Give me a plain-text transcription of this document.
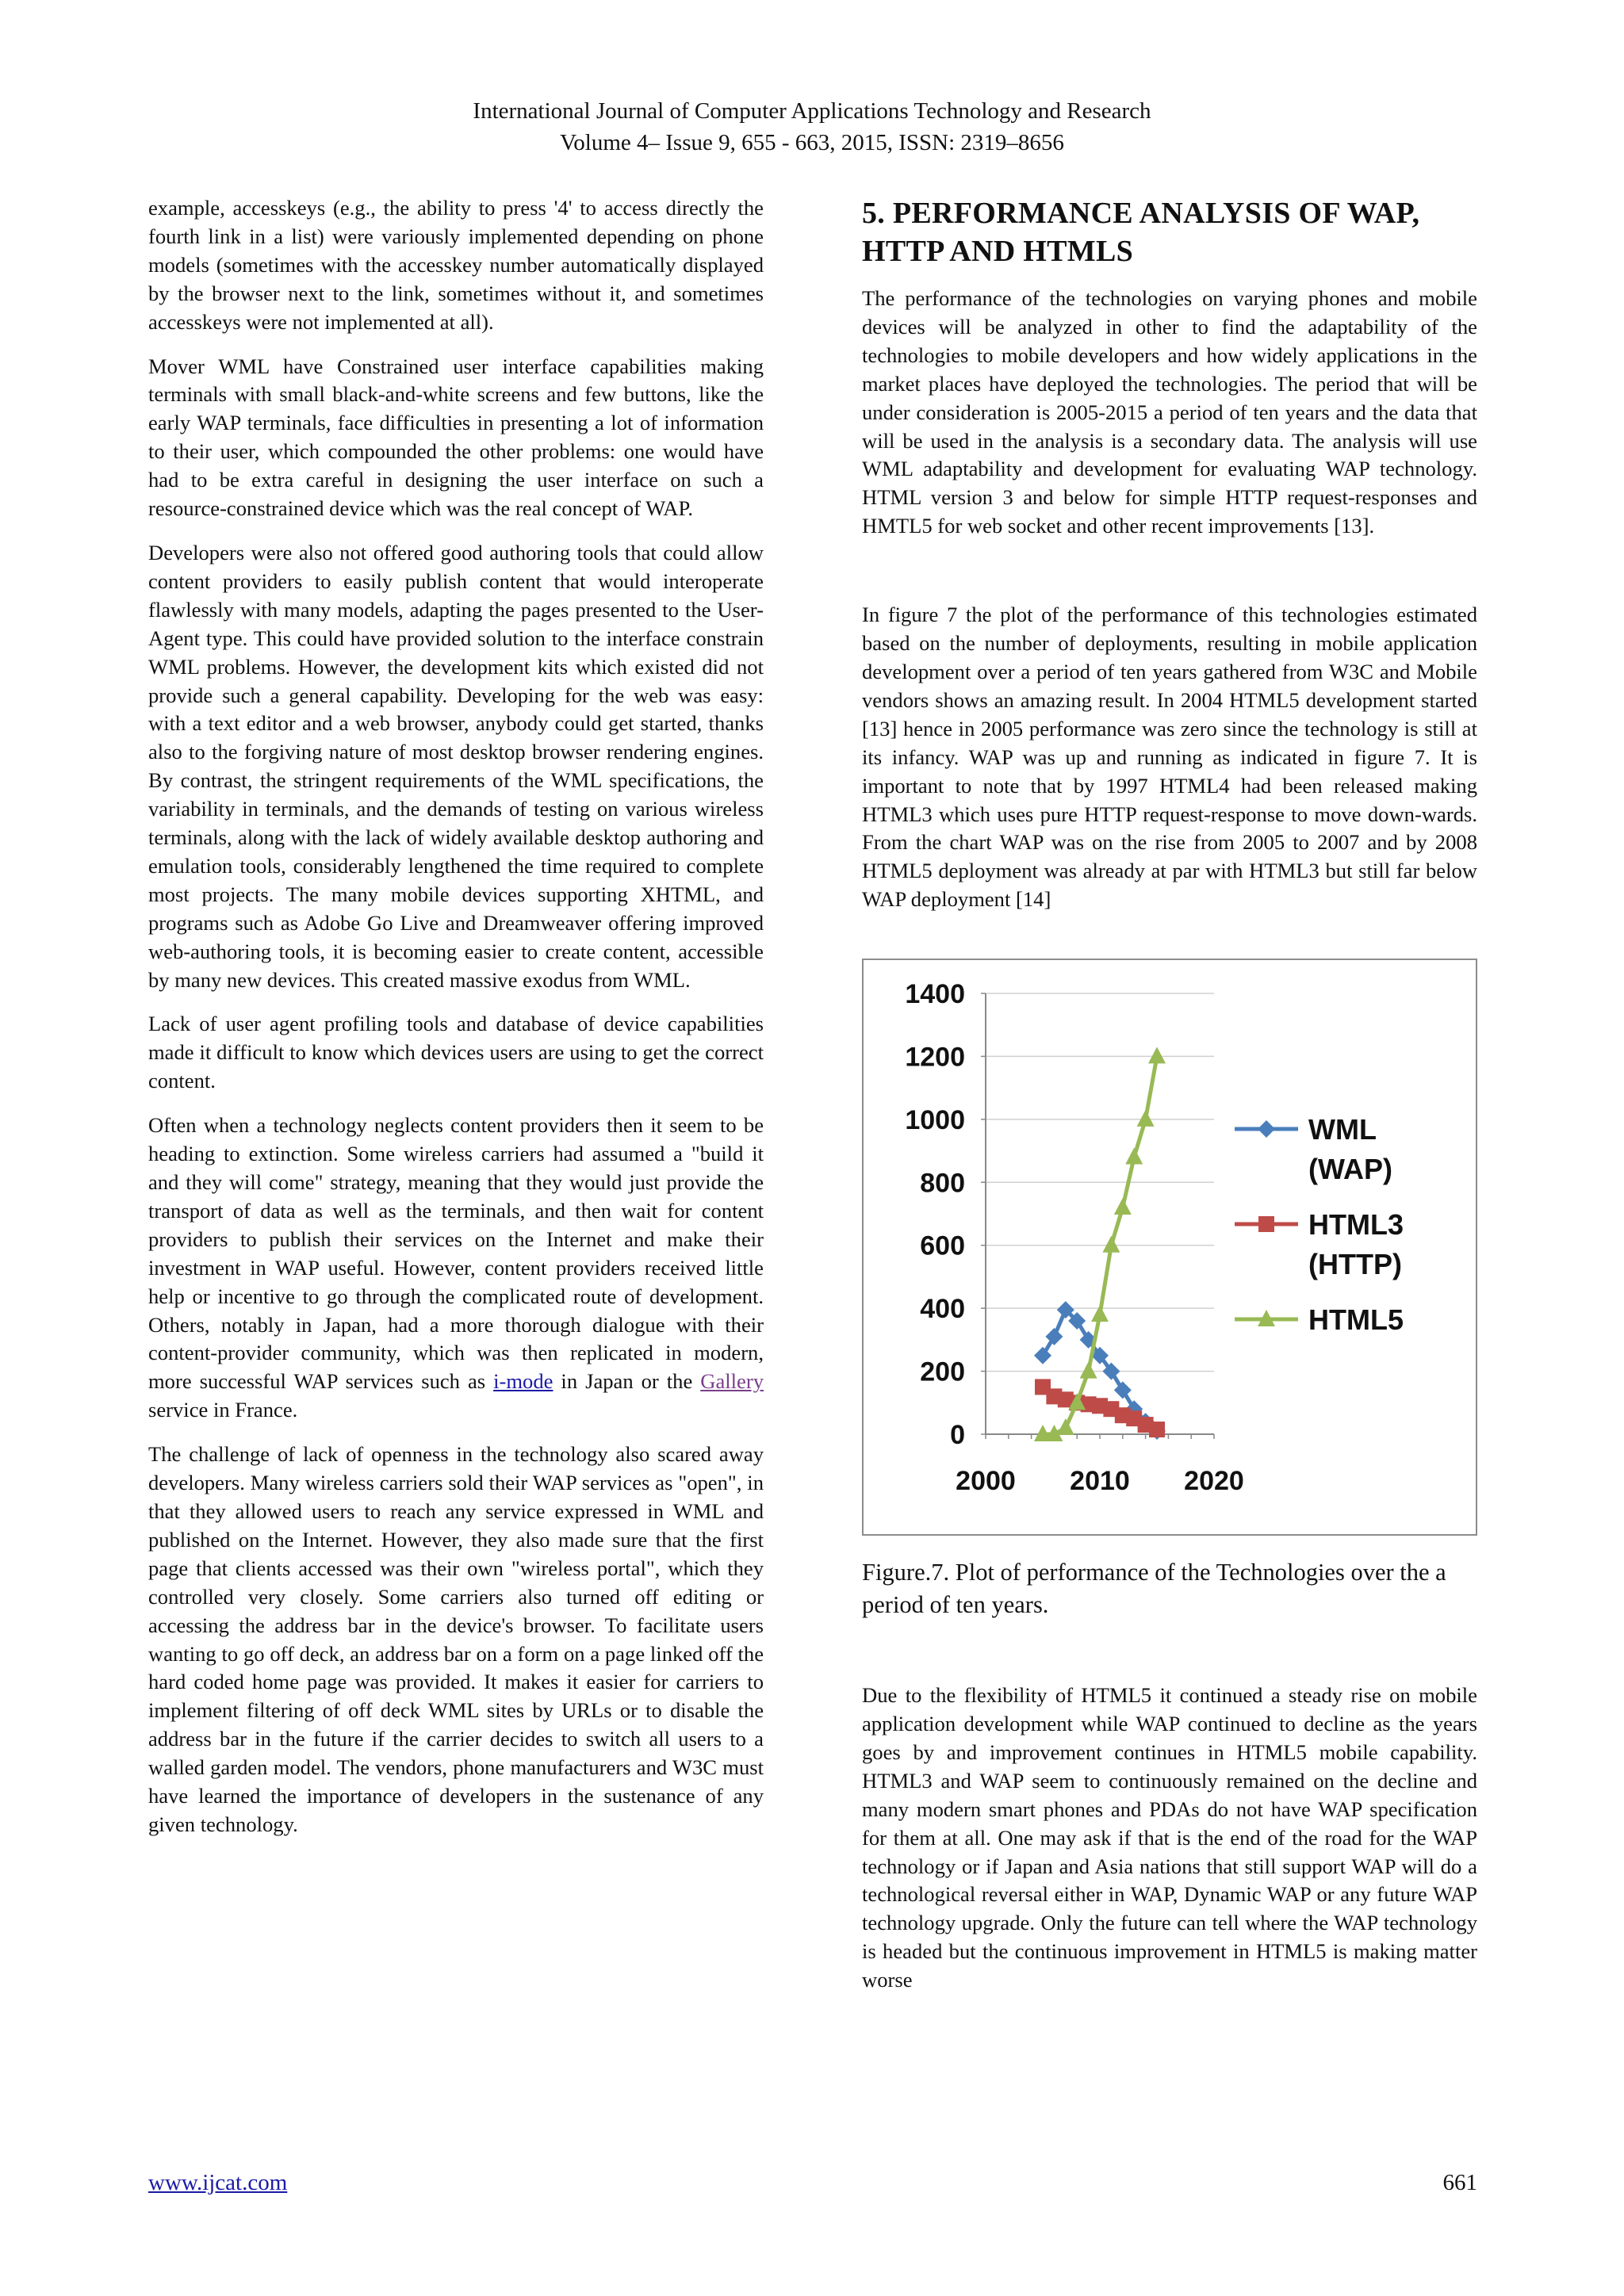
International Journal of Computer Applications Technology and Research
Volume 4– Issue 9, 655 - 663, 2015, ISSN: 2319–8656

example, accesskeys (e.g., the ability to press '4' to access directly the fourth link in a list) were variously implemented depending on phone models (sometimes with the accesskey number automatically displayed by the browser next to the link, sometimes without it, and sometimes accesskeys were not implemented at all).

Mover WML have Constrained user interface capabilities making terminals with small black-and-white screens and few buttons, like the early WAP terminals, face difficulties in presenting a lot of information to their user, which compounded the other problems: one would have had to be extra careful in designing the user interface on such a resource-constrained device which was the real concept of WAP.

Developers were also not offered good authoring tools that could allow content providers to easily publish content that would interoperate flawlessly with many models, adapting the pages presented to the User-Agent type. This could have provided solution to the interface constrain WML problems. However, the development kits which existed did not provide such a general capability. Developing for the web was easy: with a text editor and a web browser, anybody could get started, thanks also to the forgiving nature of most desktop browser rendering engines. By contrast, the stringent requirements of the WML specifications, the variability in terminals, and the demands of testing on various wireless terminals, along with the lack of widely available desktop authoring and emulation tools, considerably lengthened the time required to complete most projects. The many mobile devices supporting XHTML, and programs such as Adobe Go Live and Dreamweaver offering improved web-authoring tools, it is becoming easier to create content, accessible by many new devices. This created massive exodus from WML.

Lack of user agent profiling tools and database of device capabilities made it difficult to know which devices users are using to get the correct content.

Often when a technology neglects content providers then it seem to be heading to extinction. Some wireless carriers had assumed a "build it and they will come" strategy, meaning that they would just provide the transport of data as well as the terminals, and then wait for content providers to publish their services on the Internet and make their investment in WAP useful. However, content providers received little help or incentive to go through the complicated route of development. Others, notably in Japan, had a more thorough dialogue with their content-provider community, which was then replicated in modern, more successful WAP services such as i-mode in Japan or the Gallery service in France.

The challenge of lack of openness in the technology also scared away developers. Many wireless carriers sold their WAP services as "open", in that they allowed users to reach any service expressed in WML and published on the Internet. However, they also made sure that the first page that clients accessed was their own "wireless portal", which they controlled very closely. Some carriers also turned off editing or accessing the address bar in the device's browser. To facilitate users wanting to go off deck, an address bar on a form on a page linked off the hard coded home page was provided. It makes it easier for carriers to implement filtering of off deck WML sites by URLs or to disable the address bar in the future if the carrier decides to switch all users to a walled garden model. The vendors, phone manufacturers and W3C must have learned the importance of developers in the sustenance of any given technology.

5. PERFORMANCE ANALYSIS OF WAP, HTTP AND HTMLS

The performance of the technologies on varying phones and mobile devices will be analyzed in other to find the adaptability of the technologies to mobile developers and how widely applications in the market places have deployed the technologies. The period that will be under consideration is 2005-2015 a period of ten years and the data that will be used in the analysis is a secondary data. The analysis will use WML adaptability and development for evaluating WAP technology. HTML version 3 and below for simple HTTP request-responses and HMTL5 for web socket and other recent improvements [13].

In figure 7 the plot of the performance of this technologies estimated based on the number of deployments, resulting in mobile application development over a period of ten years gathered from W3C and Mobile vendors shows an amazing result. In 2004 HTML5 development started [13] hence in 2005 performance was zero since the technology is still at its infancy. WAP was up and running as indicated in figure 7. It is important to note that by 1997 HTML4 had been released making HTML3 which uses pure HTTP request-response to move down-wards. From the chart WAP was on the rise from 2005 to 2007 and by 2008 HTML5 deployment was already at par with HTML3 but still far below WAP deployment [14]

0
200
400
600
800
1000
1200
1400
2000 2010 2020
WML
(WAP)
HTML3
(HTTP)
HTML5
Figure.7. Plot of performance of the Technologies over the a period of ten years.

Due to the flexibility of HTML5 it continued a steady rise on mobile application development while WAP continued to decline as the years goes by and improvement continues in HTML5 mobile capability. HTML3 and WAP seem to continuously remained on the decline and many modern smart phones and PDAs do not have WAP specification for them at all. One may ask if that is the end of the road for the WAP technology or if Japan and Asia nations that still support WAP will do a technological reversal either in WAP, Dynamic WAP or any future WAP technology upgrade. Only the future can tell where the WAP technology is headed but the continuous improvement in HTML5 is making matter worse

www.ijcat.com	661
